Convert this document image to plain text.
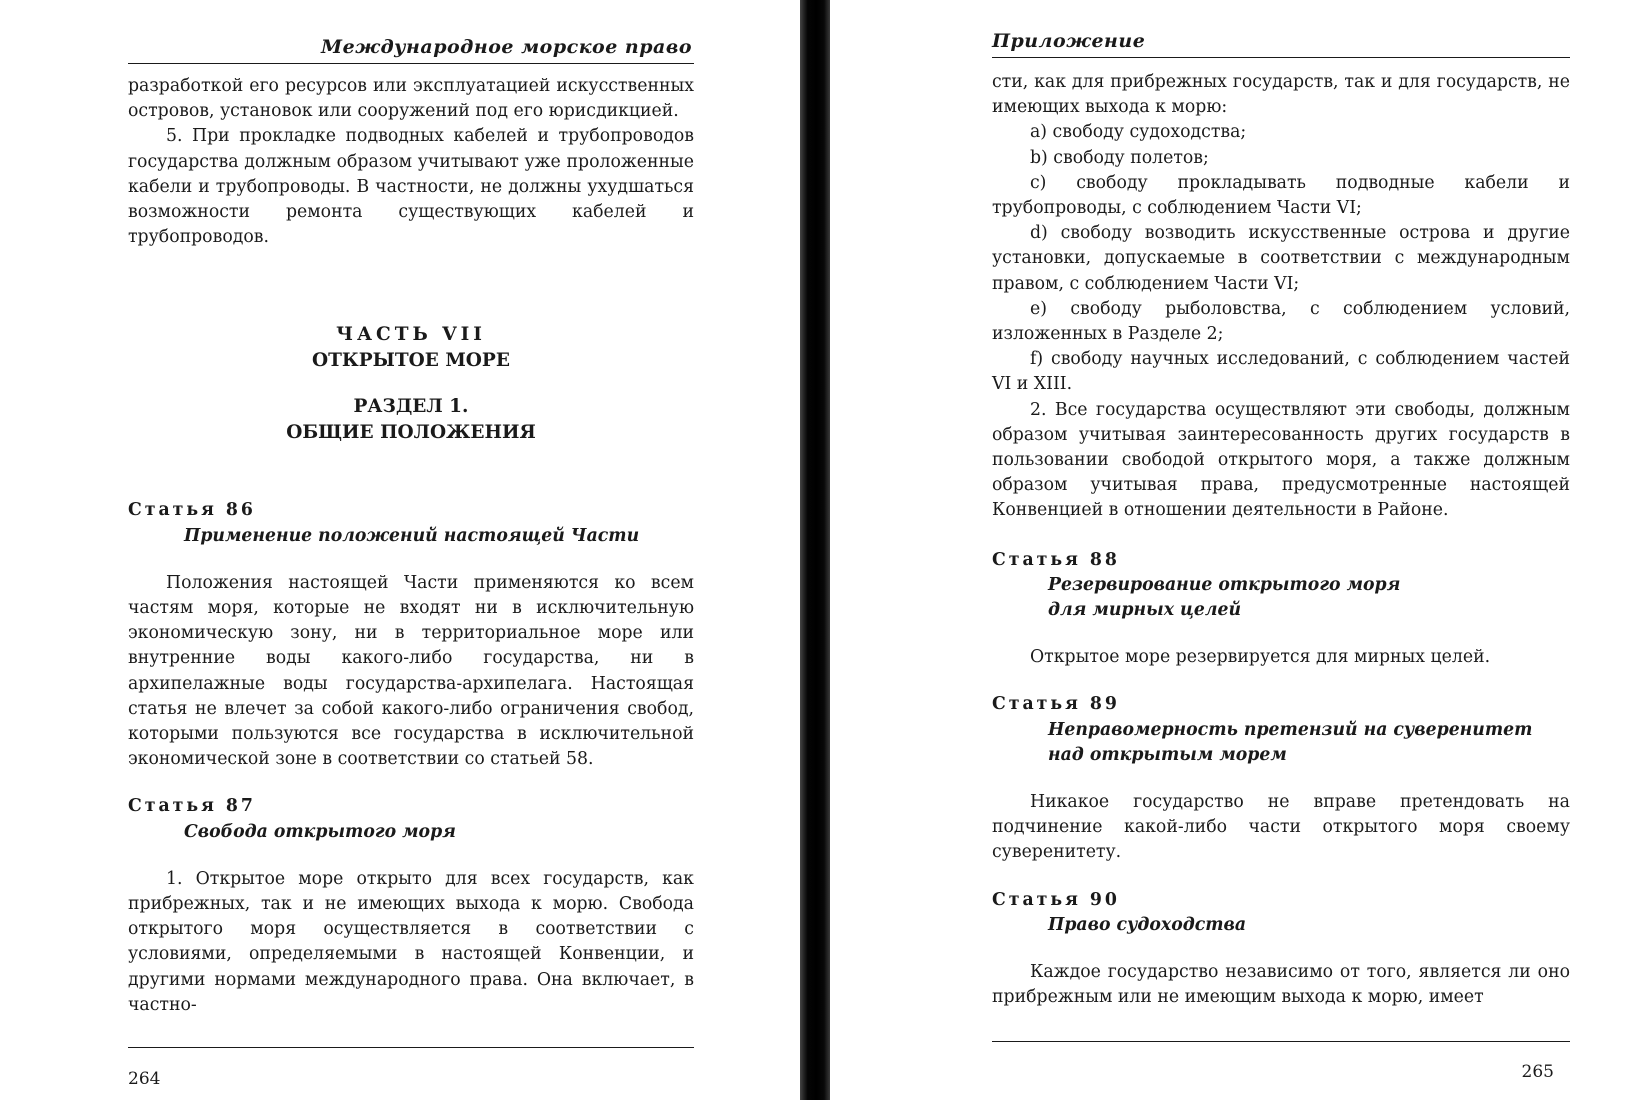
Международное морское право

разработкой его ресурсов или эксплуатацией искусственных островов, установок или сооружений под его юрисдикцией.

5. При прокладке подводных кабелей и трубопроводов государства должным образом учитывают уже проложенные кабели и трубопроводы. В частности, не должны ухудшаться возможности ремонта существующих кабелей и трубопроводов.

ЧАСТЬ VII
ОТКРЫТОЕ МОРЕ
РАЗДЕЛ 1.
ОБЩИЕ ПОЛОЖЕНИЯ
Статья 86
Применение положений настоящей Части

Положения настоящей Части применяются ко всем частям моря, которые не входят ни в исключительную экономическую зону, ни в территориальное море или внутренние воды какого-либо государства, ни в архипелажные воды государства-архипелага. Настоящая статья не влечет за собой какого-либо ограничения свобод, которыми пользуются все государства в исключительной экономической зоне в соответствии со статьей 58.

Статья 87
Свобода открытого моря

1. Открытое море открыто для всех государств, как прибрежных, так и не имеющих выхода к морю. Свобода открытого моря осуществляется в соответствии с условиями, определяемыми в настоящей Конвенции, и другими нормами международного права. Она включает, в частно-

264
Приложение

сти, как для прибрежных государств, так и для государств, не имеющих выхода к морю:

a) свободу судоходства;

b) свободу полетов;

c) свободу прокладывать подводные кабели и трубопроводы, с соблюдением Части VI;

d) свободу возводить искусственные острова и другие установки, допускаемые в соответствии с международным правом, с соблюдением Части VI;

e) свободу рыболовства, с соблюдением условий, изложенных в Разделе 2;

f) свободу научных исследований, с соблюдением частей VI и XIII.

2. Все государства осуществляют эти свободы, должным образом учитывая заинтересованность других государств в пользовании свободой открытого моря, а также должным образом учитывая права, предусмотренные настоящей Конвенцией в отношении деятельности в Районе.

Статья 88
Резервирование открытого моря
для мирных целей

Открытое море резервируется для мирных целей.

Статья 89
Неправомерность претензий на суверенитет
над открытым морем

Никакое государство не вправе претендовать на подчинение какой-либо части открытого моря своему суверенитету.

Статья 90
Право судоходства

Каждое государство независимо от того, является ли оно прибрежным или не имеющим выхода к морю, имеет

265
